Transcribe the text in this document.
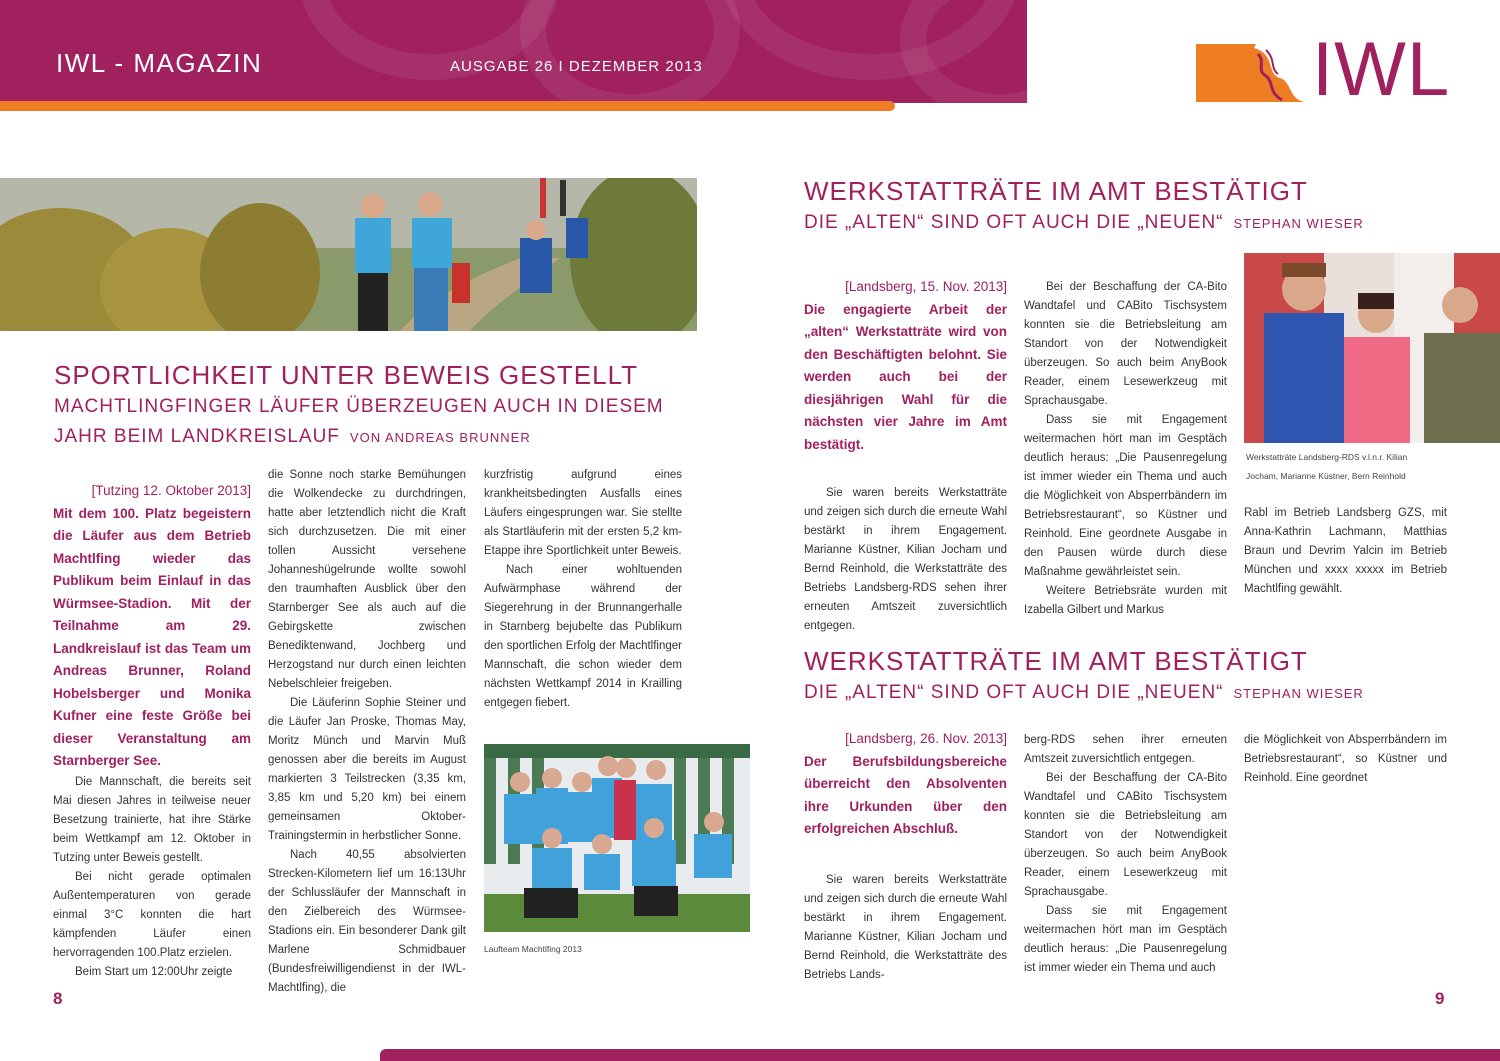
IWL - MAGAZIN	AUSGABE 26 I DEZEMBER 2013	IWL
SPORTLICHKEIT UNTER BEWEIS GESTELLT
MACHTLINGFINGER LÄUFER ÜBERZEUGEN AUCH IN DIESEM
JAHR BEIM LANDKREISLAUF VON ANDREAS BRUNNER
[Tutzing 12. Oktober 2013]
Mit dem 100. Platz begeistern die Läufer aus dem Betrieb Machtlfing wieder das Publikum beim Einlauf in das Würmsee-Stadion. Mit der Teilnahme am 29. Landkreislauf ist das Team um Andreas Brunner, Roland Hobelsberger und Monika Kufner eine feste Größe bei dieser Veranstaltung am Starnberger See.

Die Mannschaft, die bereits seit Mai diesen Jahres in teilweise neuer Besetzung trainierte, hat ihre Stärke beim Wettkampf am 12. Oktober in Tutzing unter Beweis gestellt.

Bei nicht gerade optimalen Außentemperaturen von gerade einmal 3°C konnten die hart kämpfenden Läufer einen hervorragenden 100.Platz erzielen.

Beim Start um 12:00Uhr zeigte

die Sonne noch starke Bemühungen die Wolkendecke zu durchdringen, hatte aber letztendlich nicht die Kraft sich durchzusetzen. Die mit einer tollen Aussicht versehene Johanneshügelrunde wollte sowohl den traumhaften Ausblick über den Starnberger See als auch auf die Gebirgskette zwischen Benediktenwand, Jochberg und Herzogstand nur durch einen leichten Nebelschleier freigeben.

Die Läuferinn Sophie Steiner und die Läufer Jan Proske, Thomas May, Moritz Münch und Marvin Muß genossen aber die bereits im August markierten 3 Teilstrecken (3,35 km, 3,85 km und 5,20 km) bei einem gemeinsamen Oktober-Trainingstermin in herbstlicher Sonne.

Nach 40,55 absolvierten Strecken-Kilometern lief um 16:13Uhr der Schlussläufer der Mannschaft in den Zielbereich des Würmsee-Stadions ein. Ein besonderer Dank gilt Marlene Schmidbauer (Bundesfreiwilligendienst in der IWL-Machtlfing), die

kurzfristig aufgrund eines krankheitsbedingten Ausfalls eines Läufers eingesprungen war. Sie stellte als Startläuferin mit der ersten 5,2 km-Etappe ihre Sportlichkeit unter Beweis.

Nach einer wohltuenden Aufwärmphase während der Siegerehrung in der Brunnangerhalle in Starnberg bejubelte das Publikum den sportlichen Erfolg der Machtlfinger Mannschaft, die schon wieder dem nächsten Wettkampf 2014 in Krailling entgegen fiebert.

Laufteam Machtlfing 2013
8
WERKSTATTRÄTE IM AMT BESTÄTIGT
DIE „ALTEN“ SIND OFT AUCH DIE „NEUEN“ STEPHAN WIESER
[Landsberg, 15. Nov. 2013]
Die engagierte Arbeit der „alten“ Werkstatträte wird von den Beschäftigten belohnt. Sie werden auch bei der diesjährigen Wahl für die nächsten vier Jahre im Amt bestätigt.

Sie waren bereits Werkstatträte und zeigen sich durch die erneute Wahl bestärkt in ihrem Engagement. Marianne Küstner, Kilian Jocham und Bernd Reinhold, die Werkstatträte des Betriebs Landsberg-RDS sehen ihrer erneuten Amtszeit zuversichtlich entgegen.

Bei der Beschaffung der CA-Bito Wandtafel und CABito Tischsystem konnten sie die Betriebsleitung am Standort von der Notwendigkeit überzeugen. So auch beim AnyBook Reader, einem Lesewerkzeug mit Sprachausgabe.

Dass sie mit Engagement weitermachen hört man im Gesptäch deutlich heraus: „Die Pausenregelung ist immer wieder ein Thema und auch die Möglichkeit von Absperrbändern im Betriebsrestaurant“, so Küstner und Reinhold. Eine geordnete Ausgabe in den Pausen würde durch diese Maßnahme gewährleistet sein.

Weitere Betriebsräte wurden mit Izabella Gilbert und Markus

Werkstatträte Landsberg-RDS v.l.n.r. Kilian Jocham, Marianne Küstner, Bern Reinhold

Rabl im Betrieb Landsberg GZS, mit Anna-Kathrin Lachmann, Matthias Braun und Devrim Yalcin im Betrieb München und xxxx xxxxx im Betrieb Machtlfing gewählt.

WERKSTATTRÄTE IM AMT BESTÄTIGT
DIE „ALTEN“ SIND OFT AUCH DIE „NEUEN“ STEPHAN WIESER
[Landsberg, 26. Nov. 2013]
Der Berufsbildungsbereiche überreicht den Absolventen ihre Urkunden über den erfolgreichen Abschluß.

Sie waren bereits Werkstatträte und zeigen sich durch die erneute Wahl bestärkt in ihrem Engagement. Marianne Küstner, Kilian Jocham und Bernd Reinhold, die Werkstatträte des Betriebs Lands-

berg-RDS sehen ihrer erneuten Amtszeit zuversichtlich entgegen.

Bei der Beschaffung der CA-Bito Wandtafel und CABito Tischsystem konnten sie die Betriebsleitung am Standort von der Notwendigkeit überzeugen. So auch beim AnyBook Reader, einem Lesewerkzeug mit Sprachausgabe.

Dass sie mit Engagement weitermachen hört man im Gesptäch deutlich heraus: „Die Pausenregelung ist immer wieder ein Thema und auch

die Möglichkeit von Absperrbändern im Betriebsrestaurant“, so Küstner und Reinhold. Eine geordnet

9
